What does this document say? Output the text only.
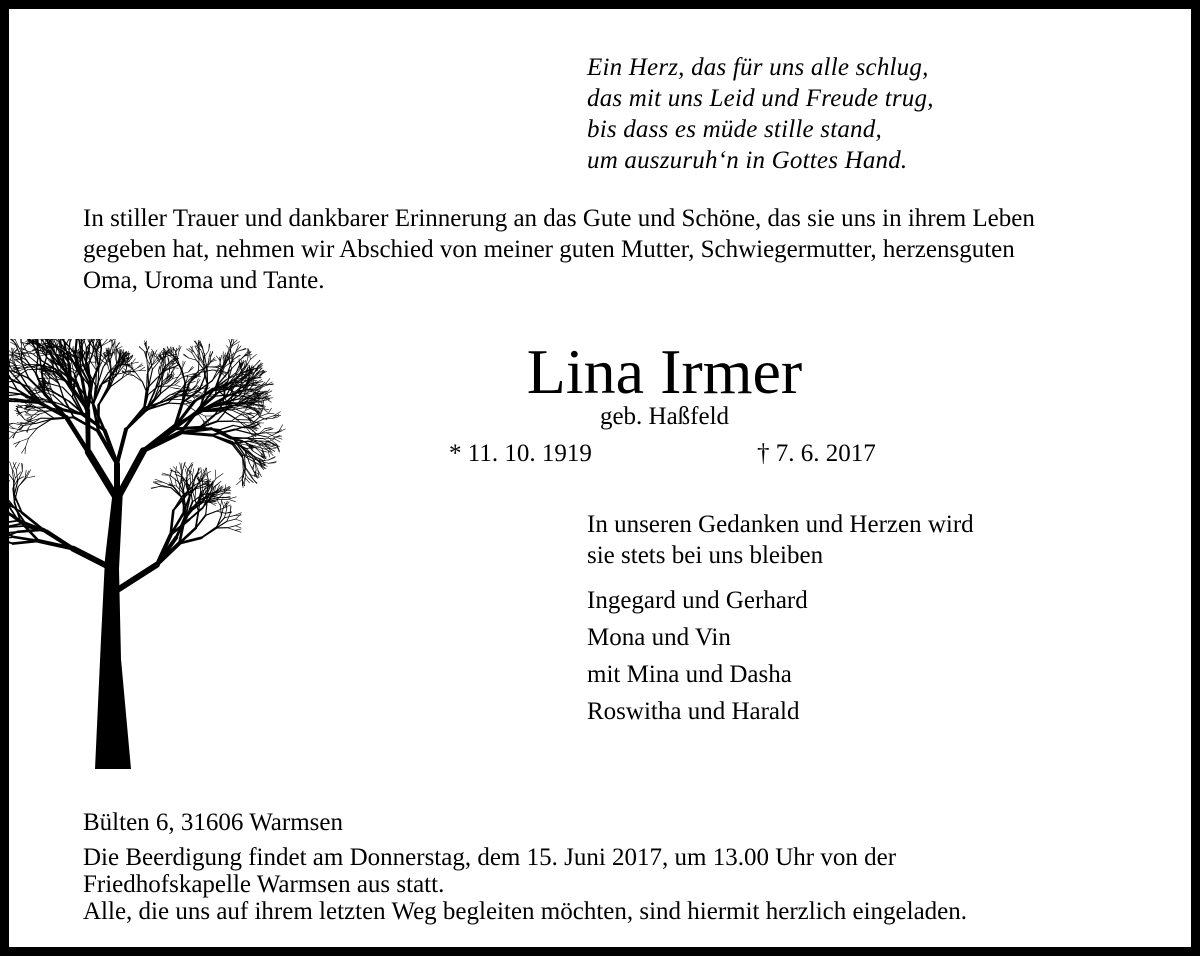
Ein Herz, das für uns alle schlug,
das mit uns Leid und Freude trug,
bis dass es müde stille stand,
um auszuruh‘n in Gottes Hand.
In stiller Trauer und dankbarer Erinnerung an das Gute und Schöne, das sie uns in ihrem Leben
gegeben hat, nehmen wir Abschied von meiner guten Mutter, Schwiegermutter, herzensguten
Oma, Uroma und Tante.
Lina Irmer
geb. Haßfeld
* 11. 10. 1919	† 7. 6. 2017
In unseren Gedanken und Herzen wird
sie stets bei uns bleiben
Ingegard und Gerhard
Mona und Vin
mit Mina und Dasha
Roswitha und Harald
Bülten 6, 31606 Warmsen
Die Beerdigung findet am Donnerstag, dem 15. Juni 2017, um 13.00 Uhr von der
Friedhofskapelle Warmsen aus statt.
Alle, die uns auf ihrem letzten Weg begleiten möchten, sind hiermit herzlich eingeladen.
